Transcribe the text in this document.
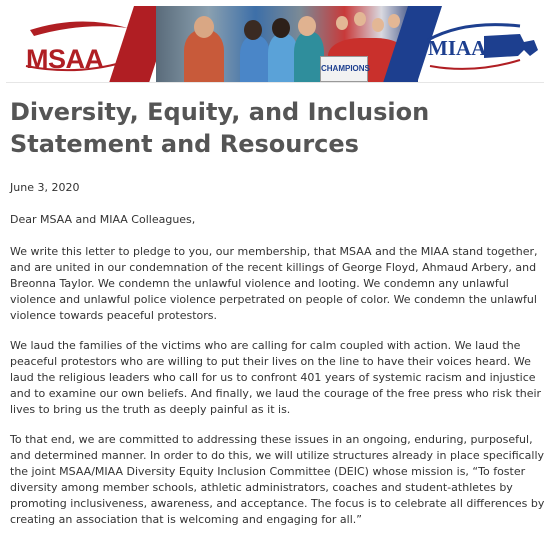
MSAA	CHAMPIONS
MIAA
Diversity, Equity, and Inclusion
Statement and Resources

June 3, 2020

Dear MSAA and MIAA Colleagues,

We write this letter to pledge to you, our membership, that MSAA and the MIAA stand together,
and are united in our condemnation of the recent killings of George Floyd, Ahmaud Arbery, and
Breonna Taylor. We condemn the unlawful violence and looting. We condemn any unlawful
violence and unlawful police violence perpetrated on people of color. We condemn the unlawful
violence towards peaceful protestors.

We laud the families of the victims who are calling for calm coupled with action. We laud the
peaceful protestors who are willing to put their lives on the line to have their voices heard. We
laud the religious leaders who call for us to confront 401 years of systemic racism and injustice
and to examine our own beliefs. And finally, we laud the courage of the free press who risk their
lives to bring us the truth as deeply painful as it is.

To that end, we are committed to addressing these issues in an ongoing, enduring, purposeful,
and determined manner. In order to do this, we will utilize structures already in place specifically
the joint MSAA/MIAA Diversity Equity Inclusion Committee (DEIC) whose mission is, “To foster
diversity among member schools, athletic administrators, coaches and student-athletes by
promoting inclusiveness, awareness, and acceptance. The focus is to celebrate all differences by
creating an association that is welcoming and engaging for all.”
